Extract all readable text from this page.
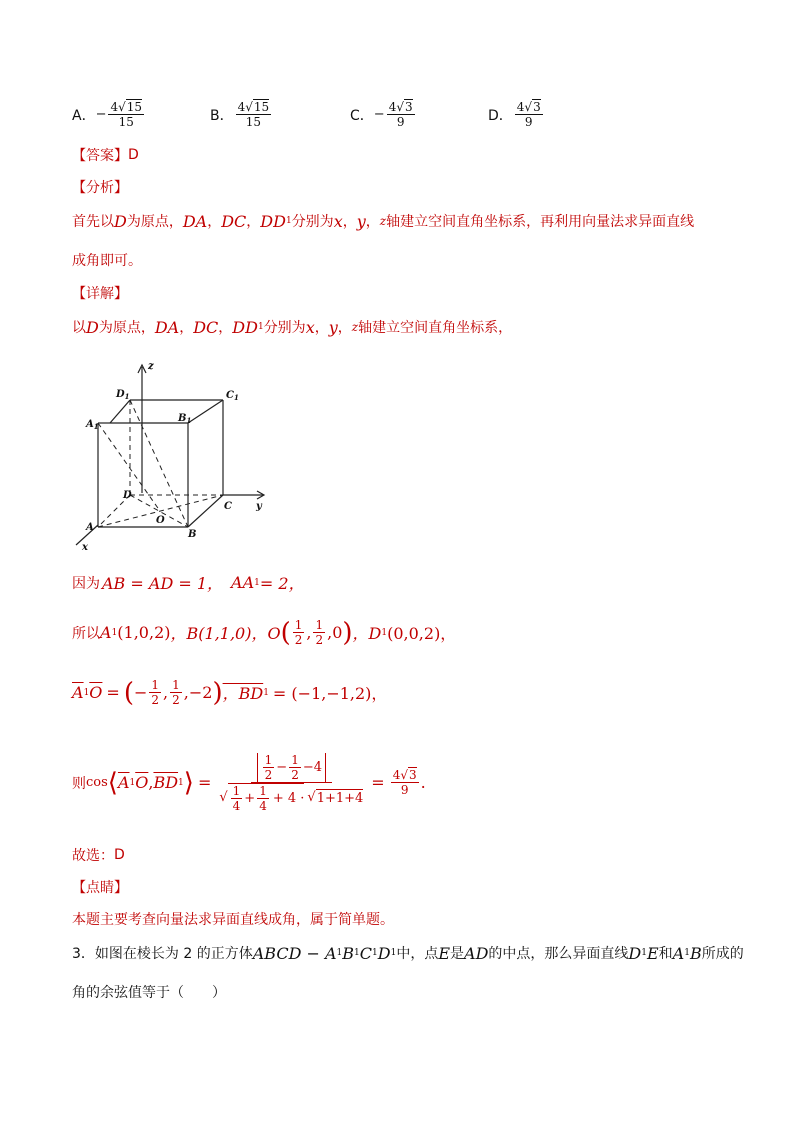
A． − $\frac{4√15}{15}$	B． $\frac{4√15}{15}$	C． − $\frac{4√3}{9}$	D． $\frac{4√3}{9}$
【答案】 D
【分析】
首先以 D 为原点， DA ， DC ， DD 1 分别为 x ， y ， z 轴建立空间直角坐标系，再利用向量法求异面直线
成角即可。
【详解】
以 D 为原点， DA ， DC ， DD 1 分别为 x ， y ， z 轴建立空间直角坐标系，
z
$D_1$	$C_1$
$A_1$
$B_1$
D
C y
O
A
B
x
因为 AB = AD = 1， AA 1 = 2，
所以 A 1 (1,0,2) ，B(1,1,0)，O ( $\frac{1}{2}$ , $\frac{1}{2} ,0$ ) ，D 1 (0,0,2)，
$\overline{A}$ 1 $\overline{O}$ = ( − $\frac{1}{2}$ , $\frac{1}{2} ,-2$ ) ，BD 1 = (−1,−1,2)，
则 cos ⟨ $\overline{A}$ 1 $\overline{O}$ , $\overline{BD}$ 1 ⟩ =
$\frac{1}{2} - \frac{1}{2} -4$
√ $\frac{1}{4} + \frac{1}{4} + 4$ · √ 1+1+4
= $\frac{4√3}{9}$ .
故选： D
【点睛】
本题主要考查向量法求异面直线成角，属于简单题。
3． 如图在棱长为 2 的正方体 ABCD − A 1 B 1 C 1 D 1 中，点 E 是 AD 的中点，那么异面直线 D 1 E 和 A 1 B 所成的
角的余弦值等于（　　）
